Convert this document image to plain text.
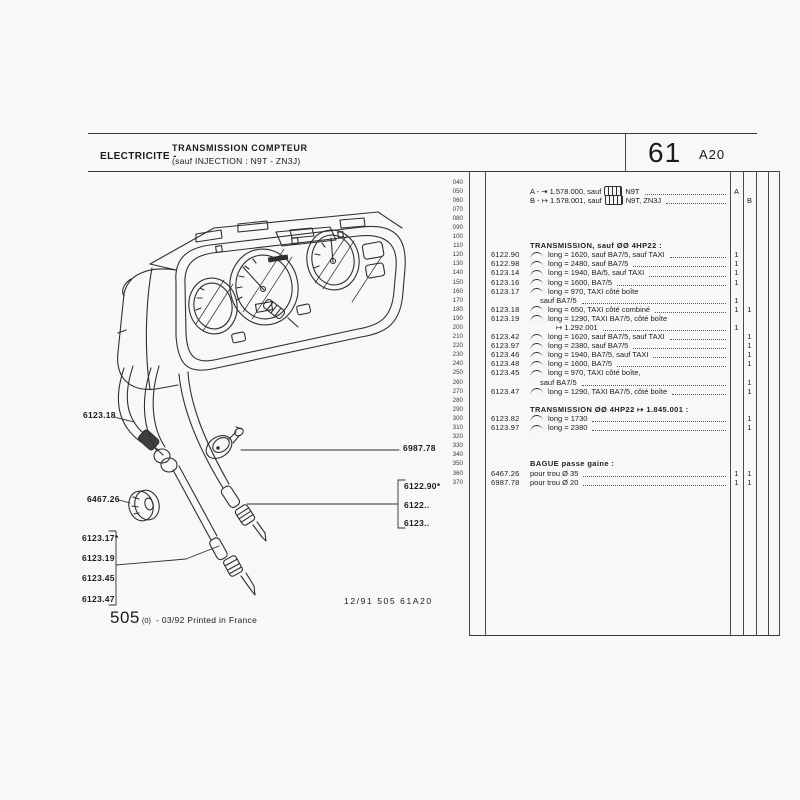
ELECTRICITE -
TRANSMISSION COMPTEUR
(sauf INJECTION : N9T - ZN3J)	61 A20
040
050	A - ⇥ 1.578.000, sauf	N9T	A
060	B - ↦ 1.578.001, sauf	N9T, ZN3J	B
070
080
090
100
110	TRANSMISSION, sauf ØØ 4HP22 :
120	6122.90	long = 1620, sauf BA7/5, sauf TAXI	1
130	6122.98	long = 2480, sauf BA7/5	1
140	6123.14	long = 1940, BA/5, sauf TAXI	1
150	6123.16	long = 1600, BA7/5	1
160	6123.17	long = 970, TAXI côté boîte
170	sauf BA7/5	1
180	6123.18	long = 650, TAXI côté combiné	1	1
190	6123.19	long = 1290, TAXI BA7/5, côté boîte
200	↦ 1.292.001	1
210	6123.42	long = 1620, sauf BA7/5, sauf TAXI	1
220	6123.97	long = 2380, sauf BA7/5	1
230	6123.46	long = 1940, BA7/5, sauf TAXI	1
240	6123.48	long = 1600, BA7/5	1
250	6123.45	long = 970, TAXI côté boîte,
260	sauf BA7/5	1
270	6123.47	long = 1290, TAXI BA7/5, côté boîte	1
280
290	TRANSMISSION ØØ 4HP22 ↦ 1.845.001 :
300	6123.82	long = 1730	1
310	6123.97	long = 2380	1
320
330
340
350	BAGUE passe gaine :
360	6467.26	pour trou Ø 35	1	1
370	6987.78	pour trou Ø 20	1	1
6123.18
6467.26
6987.78
6122.90*
6122..
6123..
6123.17*
6123.19
6123.45
6123.47	12/91 505 61A20
505 (0) - 03/92 Printed in France
